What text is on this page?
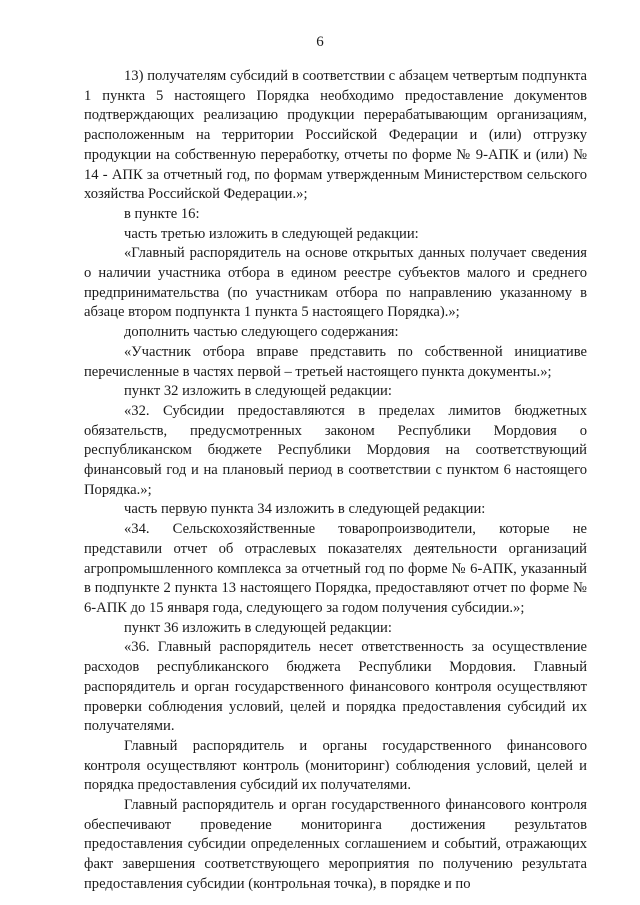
6

13) получателям субсидий в соответствии с абзацем четвертым подпункта 1 пункта 5 настоящего Порядка необходимо предоставление документов подтверждающих реализацию продукции перерабатывающим организациям, расположенным на территории Российской Федерации и (или) отгрузку продукции на собственную переработку, отчеты по форме № 9-АПК и (или) № 14 - АПК за отчетный год, по формам утвержденным Министерством сельского хозяйства Российской Федерации.»;

в пункте 16:

часть третью изложить в следующей редакции:

«Главный распорядитель на основе открытых данных получает сведения о наличии участника отбора в едином реестре субъектов малого и среднего предпринимательства (по участникам отбора по направлению указанному в абзаце втором подпункта 1 пункта 5 настоящего Порядка).»;

дополнить частью следующего содержания:

«Участник отбора вправе представить по собственной инициативе перечисленные в частях первой – третьей настоящего пункта документы.»;

пункт 32 изложить в следующей редакции:

«32. Субсидии предоставляются в пределах лимитов бюджетных обязательств, предусмотренных законом Республики Мордовия о республиканском бюджете Республики Мордовия на соответствующий финансовый год и на плановый период в соответствии с пунктом 6 настоящего Порядка.»;

часть первую пункта 34 изложить в следующей редакции:

«34. Сельскохозяйственные товаропроизводители, которые не представили отчет об отраслевых показателях деятельности организаций агропромышленного комплекса за отчетный год по форме № 6-АПК, указанный в подпункте 2 пункта 13 настоящего Порядка, предоставляют отчет по форме № 6-АПК до 15 января года, следующего за годом получения субсидии.»;

пункт 36 изложить в следующей редакции:

«36. Главный распорядитель несет ответственность за осуществление расходов республиканского бюджета Республики Мордовия. Главный распорядитель и орган государственного финансового контроля осуществляют проверки соблюдения условий, целей и порядка предоставления субсидий их получателями.

Главный распорядитель и органы государственного финансового контроля осуществляют контроль (мониторинг) соблюдения условий, целей и порядка предоставления субсидий их получателями.

Главный распорядитель и орган государственного финансового контроля обеспечивают проведение мониторинга достижения результатов предоставления субсидии определенных соглашением и событий, отражающих факт завершения соответствующего мероприятия по получению результата предоставления субсидии (контрольная точка), в порядке и по
